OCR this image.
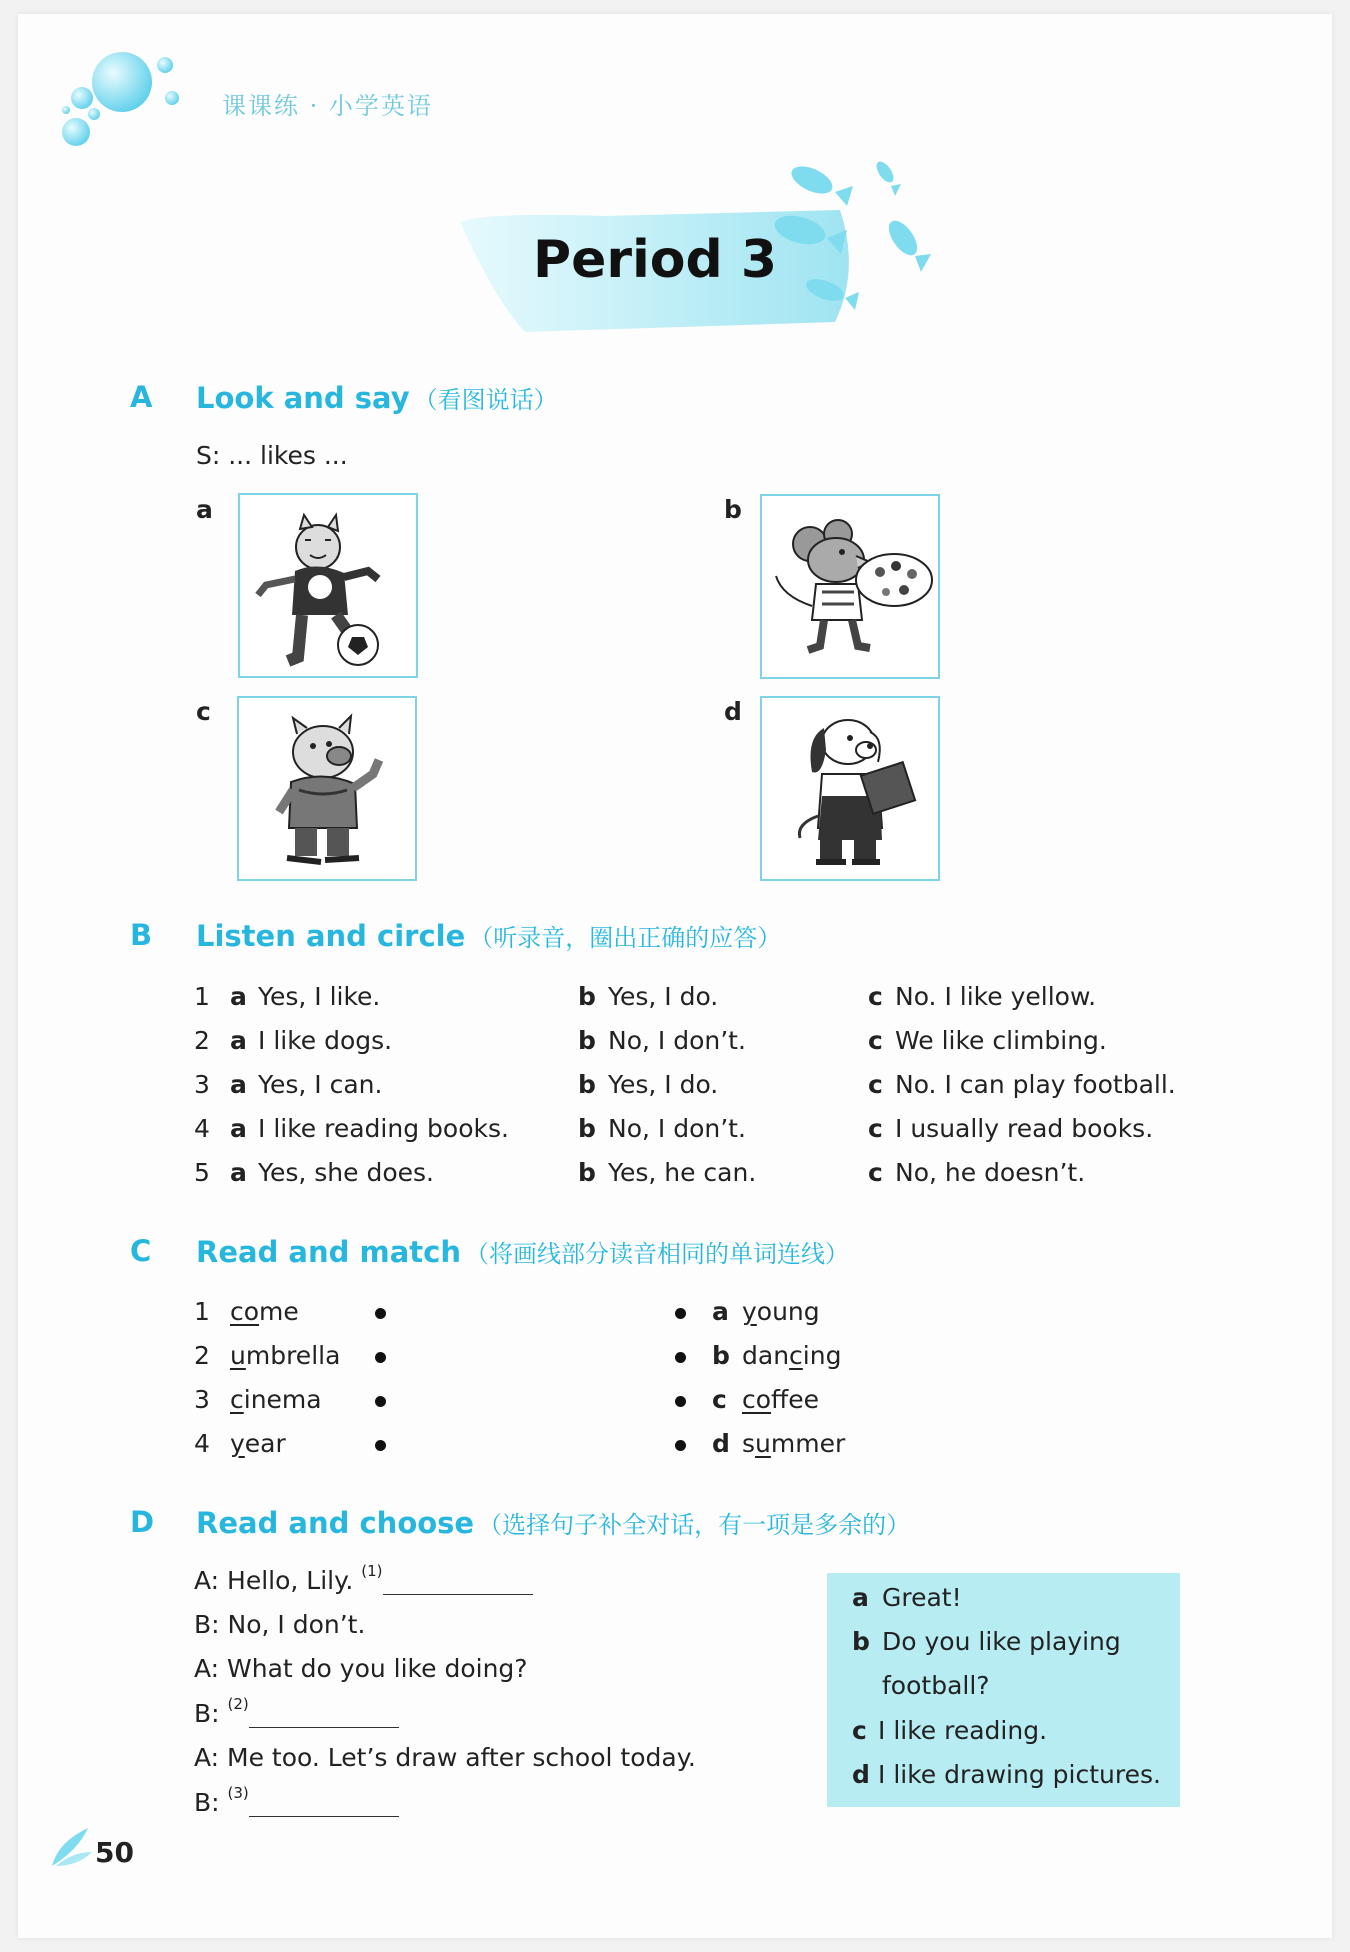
课课练 · 小学英语
Period 3
A Look and say （看图说话）
S: ... likes ...
a	b
c	d
B Listen and circle （听录音，圈出正确的应答）
1 a Yes, I like.	b Yes, I do.	c No. I like yellow.
2 a I like dogs.	b No, I don’t.	c We like climbing.
3 a Yes, I can.	b Yes, I do.	c No. I can play football.
4 a I like reading books.	b No, I don’t.	c I usually read books.
5 a Yes, she does.	b Yes, he can.	c No, he doesn’t.
C Read and match （将画线部分读音相同的单词连线）
1 come
2 umbrella
3 cinema
4 year
a young
b dancing
c coffee
d summer
D Read and choose （选择句子补全对话，有一项是多余的）
A: Hello, Lily. $^{(1)}$
B: No, I don’t.
A: What do you like doing?
B: $^{(2)}$
A: Me too. Let’s draw after school today.
B: $^{(3)}$
a Great!
b Do you like playing
football?
c I like reading.
d I like drawing pictures.
50
